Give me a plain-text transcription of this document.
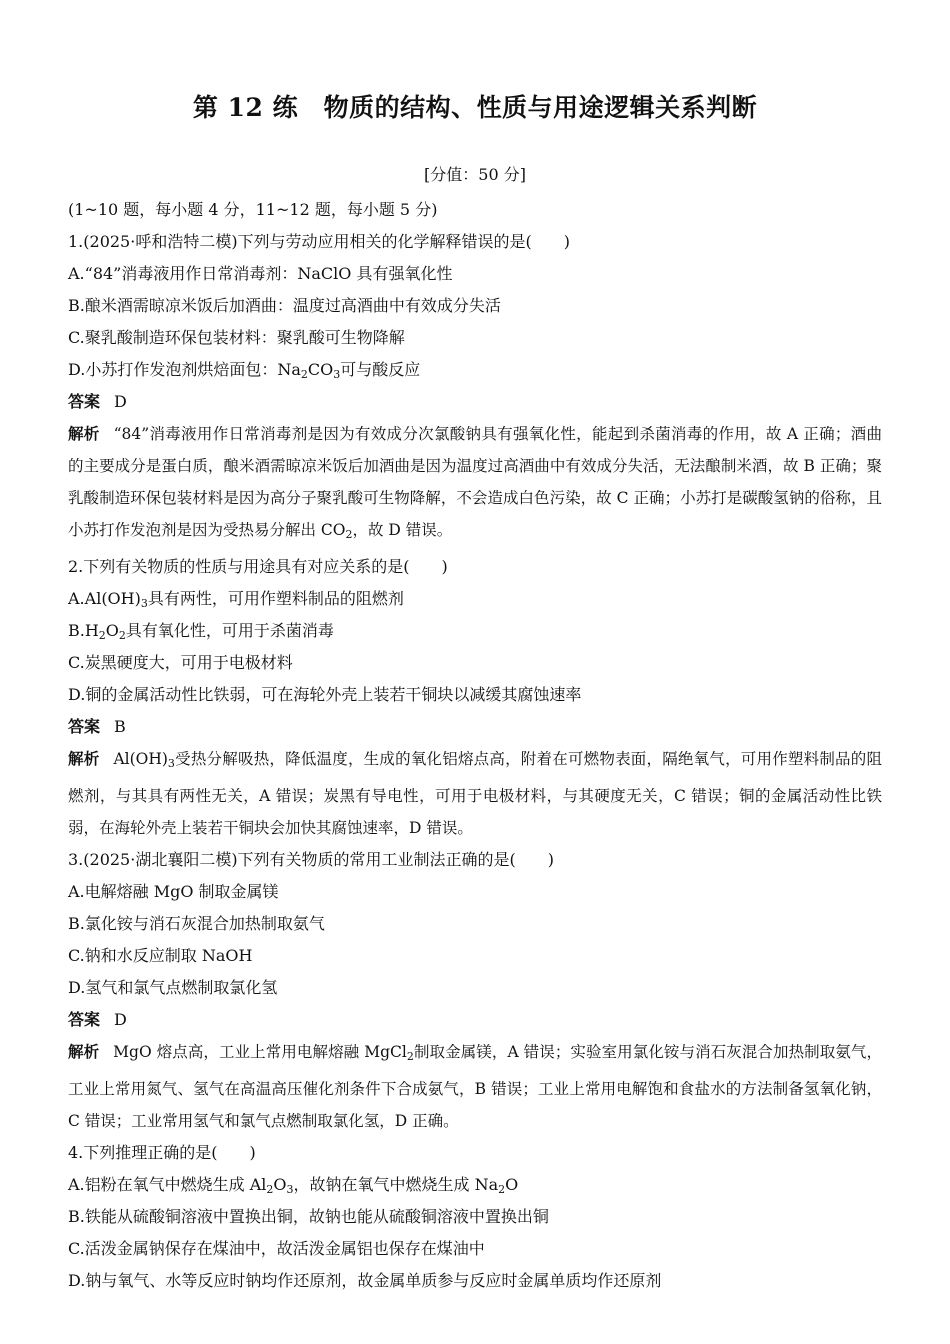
第 12 练　物质的结构、性质与用途逻辑关系判断
[分值：50 分]
(1~10 题，每小题 4 分，11~12 题，每小题 5 分)
1.(2025·呼和浩特二模)下列与劳动应用相关的化学解释错误的是(　　)
A.“84”消毒液用作日常消毒剂：NaClO 具有强氧化性
B.酿米酒需晾凉米饭后加酒曲：温度过高酒曲中有效成分失活
C.聚乳酸制造环保包装材料：聚乳酸可生物降解
D.小苏打作发泡剂烘焙面包：$Na_2CO_3$可与酸反应
答案 D

解析 “84”消毒液用作日常消毒剂是因为有效成分次氯酸钠具有强氧化性，能起到杀菌消毒的作用，故 A 正确；酒曲的主要成分是蛋白质，酿米酒需晾凉米饭后加酒曲是因为温度过高酒曲中有效成分失活，无法酿制米酒，故 B 正确；聚乳酸制造环保包装材料是因为高分子聚乳酸可生物降解，不会造成白色污染，故 C 正确；小苏打是碳酸氢钠的俗称，且小苏打作发泡剂是因为受热易分解出 $CO_2$，故 D 错误。

2.下列有关物质的性质与用途具有对应关系的是(　　)
$A.Al(OH)_3$具有两性，可用作塑料制品的阻燃剂
$B.H_2O_2$具有氧化性，可用于杀菌消毒
C.炭黑硬度大，可用于电极材料
D.铜的金属活动性比铁弱，可在海轮外壳上装若干铜块以减缓其腐蚀速率
答案 B

解析 $Al(OH)_3$受热分解吸热，降低温度，生成的氧化铝熔点高，附着在可燃物表面，隔绝氧气，可用作塑料制品的阻燃剂，与其具有两性无关，A 错误；炭黑有导电性，可用于电极材料，与其硬度无关，C 错误；铜的金属活动性比铁弱，在海轮外壳上装若干铜块会加快其腐蚀速率，D 错误。

3.(2025·湖北襄阳二模)下列有关物质的常用工业制法正确的是(　　)
A.电解熔融 MgO 制取金属镁
B.氯化铵与消石灰混合加热制取氨气
C.钠和水反应制取 NaOH
D.氢气和氯气点燃制取氯化氢
答案 D

解析 MgO 熔点高，工业上常用电解熔融 MgCl$_2$制取金属镁，A 错误；实验室用氯化铵与消石灰混合加热制取氨气，工业上常用氮气、氢气在高温高压催化剂条件下合成氨气，B 错误；工业上常用电解饱和食盐水的方法制备氢氧化钠，C 错误；工业常用氢气和氯气点燃制取氯化氢，D 正确。

4.下列推理正确的是(　　)
A.铝粉在氧气中燃烧生成 $Al_2O_3$，故钠在氧气中燃烧生成 $Na_2O$
B.铁能从硫酸铜溶液中置换出铜，故钠也能从硫酸铜溶液中置换出铜
C.活泼金属钠保存在煤油中，故活泼金属铝也保存在煤油中
D.钠与氧气、水等反应时钠均作还原剂，故金属单质参与反应时金属单质均作还原剂
